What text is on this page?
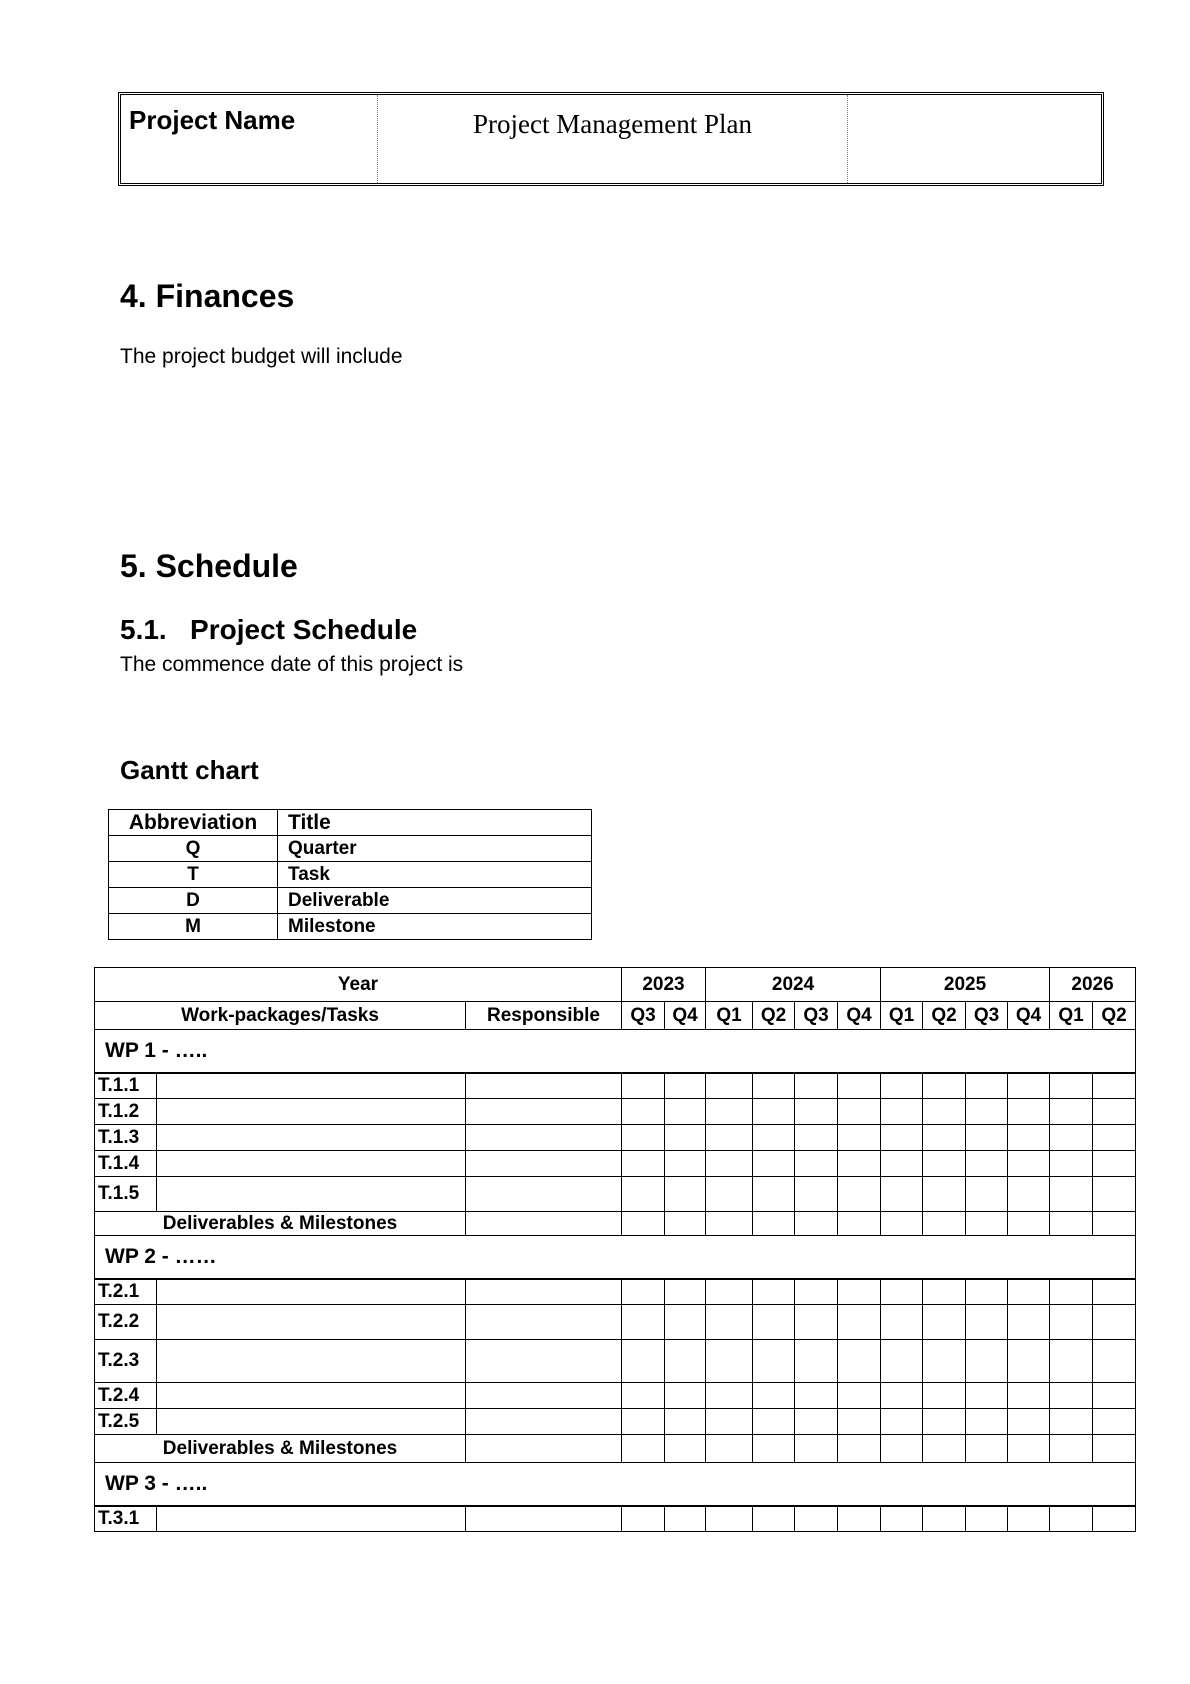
Project Name	Project Management Plan
4. Finances
The project budget will include
5. Schedule
5.1.   Project Schedule
The commence date of this project is
Gantt chart
Abbreviation	Title
Q	Quarter
T	Task
D	Deliverable
M	Milestone
Year			2023		2024				2025				2026	
Work-packages/Tasks		Responsible	Q3	Q4	Q1	Q2	Q3	Q4	Q1	Q2	Q3	Q4	Q1	Q2
WP 1 - …..														
T.1.1														
T.1.2														
T.1.3														
T.1.4														
T.1.5														
Deliverables & Milestones														
WP 2 - ……														
T.2.1														
T.2.2														
T.2.3														
T.2.4														
T.2.5														
Deliverables & Milestones														
WP 3 - …..														
T.3.1														
